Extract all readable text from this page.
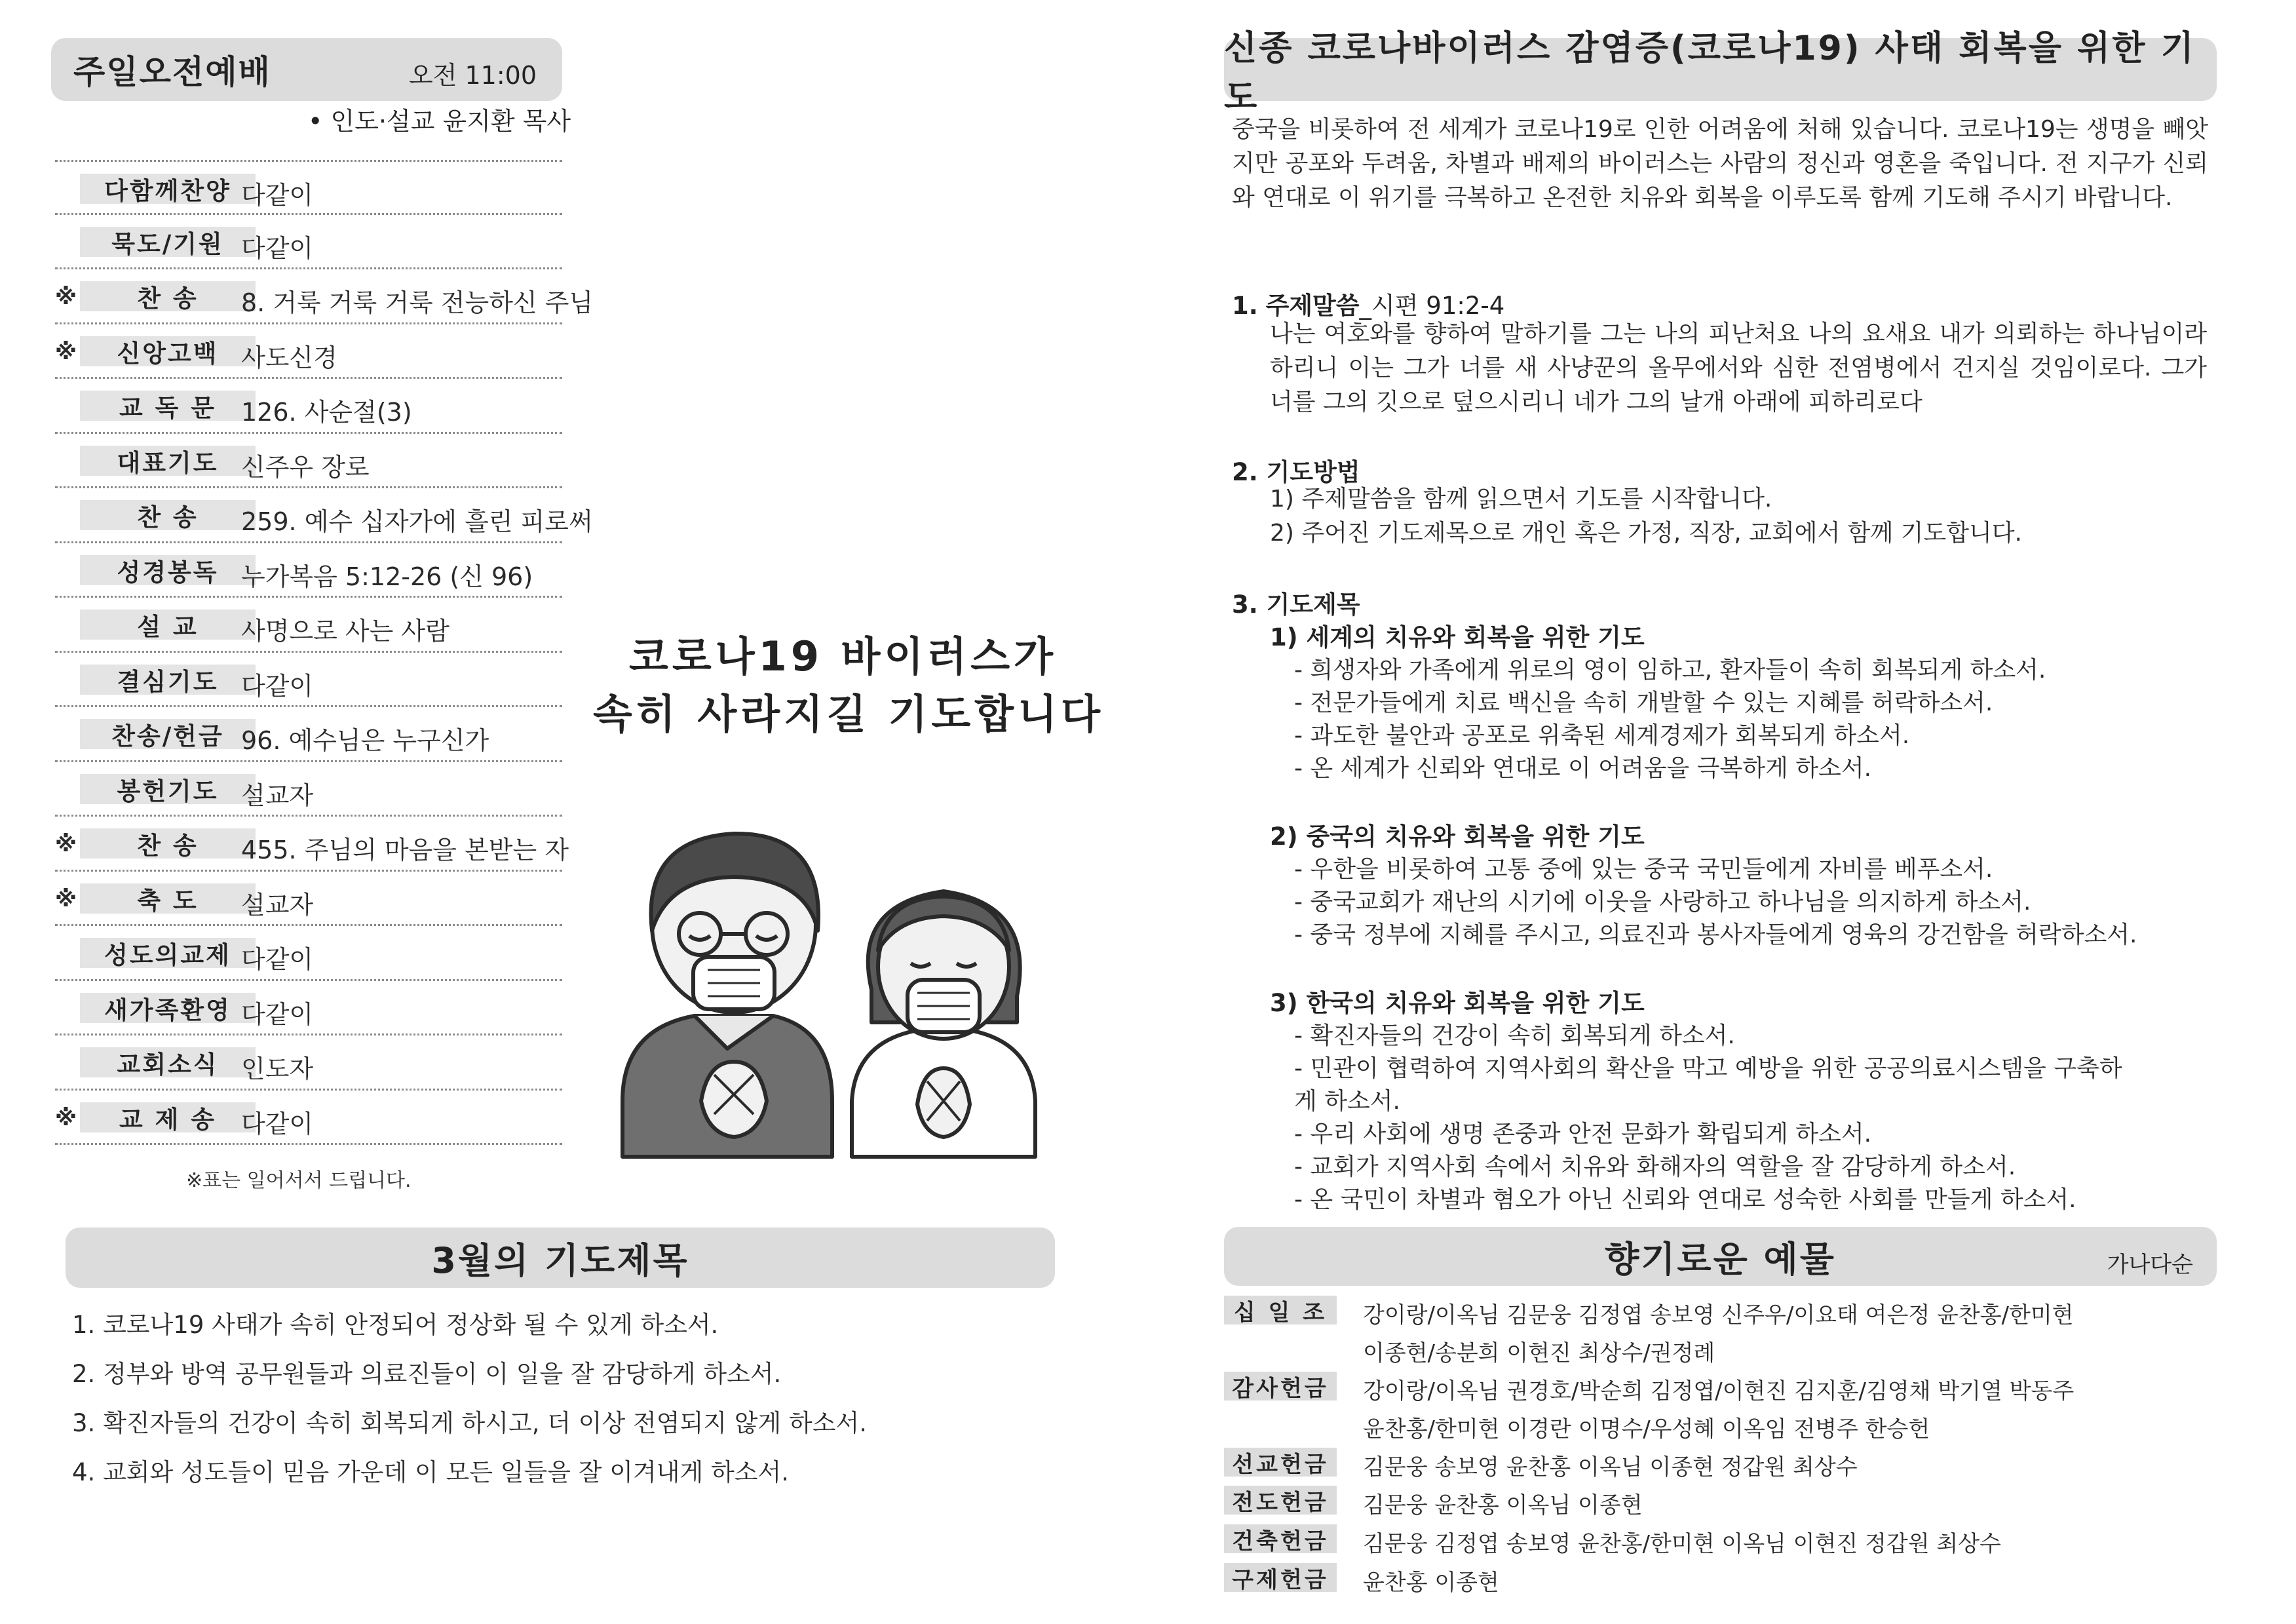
주일오전예배	오전 11:00
• 인도·설교 윤지환 목사
다함께찬양 다같이
묵도/기원 다같이
※	찬 송	8. 거룩 거룩 거룩 전능하신 주님
※	신앙고백 사도신경
교 독 문	126. 사순절(3)
대표기도 신주우 장로
찬 송	259. 예수 십자가에 흘린 피로써
성경봉독 누가복음 5:12-26 (신 96)
설 교	사명으로 사는 사람
결심기도 다같이
찬송/헌금 96. 예수님은 누구신가
봉헌기도 설교자
※	찬 송	455. 주님의 마음을 본받는 자
※	축 도	설교자
성도의교제 다같이
새가족환영 다같이
교회소식 인도자
※	교 제 송	다같이
※표는 일어서서 드립니다.
코로나19 바이러스가
속히 사라지길 기도합니다
3월의 기도제목
1. 코로나19 사태가 속히 안정되어 정상화 될 수 있게 하소서.
2. 정부와 방역 공무원들과 의료진들이 이 일을 잘 감당하게 하소서.
3. 확진자들의 건강이 속히 회복되게 하시고, 더 이상 전염되지 않게 하소서.
4. 교회와 성도들이 믿음 가운데 이 모든 일들을 잘 이겨내게 하소서.
신종 코로나바이러스 감염증(코로나19) 사태 회복을 위한 기도
중국을 비롯하여 전 세계가 코로나19로 인한 어려움에 처해 있습니다. 코로나19는 생명을 빼앗지만 공포와 두려움, 차별과 배제의 바이러스는 사람의 정신과 영혼을 죽입니다. 전 지구가 신뢰와 연대로 이 위기를 극복하고 온전한 치유와 회복을 이루도록 함께 기도해 주시기 바랍니다.
1. 주제말씀_시편 91:2-4
나는 여호와를 향하여 말하기를 그는 나의 피난처요 나의 요새요 내가 의뢰하는 하나님이라 하리니 이는 그가 너를 새 사냥꾼의 올무에서와 심한 전염병에서 건지실 것임이로다. 그가 너를 그의 깃으로 덮으시리니 네가 그의 날개 아래에 피하리로다
2. 기도방법
1) 주제말씀을 함께 읽으면서 기도를 시작합니다.
2) 주어진 기도제목으로 개인 혹은 가정, 직장, 교회에서 함께 기도합니다.
3. 기도제목
1) 세계의 치유와 회복을 위한 기도
- 희생자와 가족에게 위로의 영이 임하고, 환자들이 속히 회복되게 하소서.
- 전문가들에게 치료 백신을 속히 개발할 수 있는 지혜를 허락하소서.
- 과도한 불안과 공포로 위축된 세계경제가 회복되게 하소서.
- 온 세계가 신뢰와 연대로 이 어려움을 극복하게 하소서.
2) 중국의 치유와 회복을 위한 기도
- 우한을 비롯하여 고통 중에 있는 중국 국민들에게 자비를 베푸소서.
- 중국교회가 재난의 시기에 이웃을 사랑하고 하나님을 의지하게 하소서.
- 중국 정부에 지혜를 주시고, 의료진과 봉사자들에게 영육의 강건함을 허락하소서.
3) 한국의 치유와 회복을 위한 기도
- 확진자들의 건강이 속히 회복되게 하소서.
- 민관이 협력하여 지역사회의 확산을 막고 예방을 위한 공공의료시스템을 구축하
게 하소서.
- 우리 사회에 생명 존중과 안전 문화가 확립되게 하소서.
- 교회가 지역사회 속에서 치유와 화해자의 역할을 잘 감당하게 하소서.
- 온 국민이 차별과 혐오가 아닌 신뢰와 연대로 성숙한 사회를 만들게 하소서.
향기로운 예물	가나다순
십 일 조	강이랑/이옥님 김문웅 김정엽 송보영 신주우/이요태 여은정 윤찬홍/한미현
이종현/송분희 이현진 최상수/권정례
감사헌금	강이랑/이옥님 권경호/박순희 김정엽/이현진 김지훈/김영채 박기열 박동주
윤찬홍/한미현 이경란 이명수/우성혜 이옥임 전병주 한승헌
선교헌금	김문웅 송보영 윤찬홍 이옥님 이종현 정갑원 최상수
전도헌금	김문웅 윤찬홍 이옥님 이종현
건축헌금	김문웅 김정엽 송보영 윤찬홍/한미현 이옥님 이현진 정갑원 최상수
구제헌금	윤찬홍 이종현
